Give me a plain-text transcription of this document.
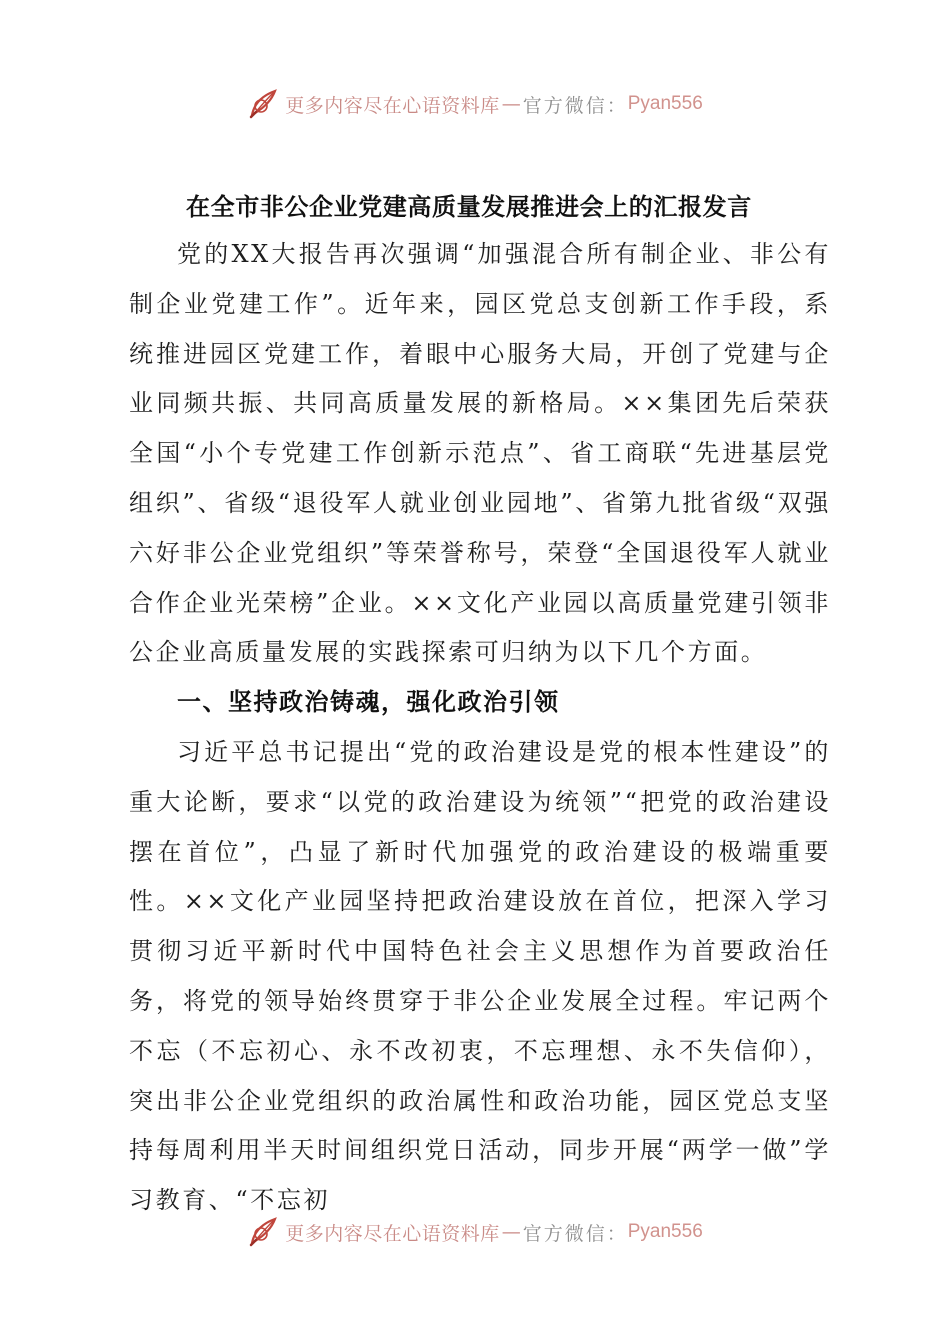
更多内容尽在心语资料库 — 官方微信： Pyan556
在全市非公企业党建高质量发展推进会上的汇报发言

党的XX大报告再次强调“加强混合所有制企业、非公有制企业党建工作”。近年来，园区党总支创新工作手段，系统推进园区党建工作，着眼中心服务大局，开创了党建与企业同频共振、共同高质量发展的新格局。××集团先后荣获全国“小个专党建工作创新示范点”、省工商联“先进基层党组织”、省级“退役军人就业创业园地”、省第九批省级“双强六好非公企业党组织”等荣誉称号，荣登“全国退役军人就业合作企业光荣榜”企业。××文化产业园以高质量党建引领非公企业高质量发展的实践探索可归纳为以下几个方面。

一、坚持政治铸魂，强化政治引领

习近平总书记提出“党的政治建设是党的根本性建设”的重大论断，要求“以党的政治建设为统领”“把党的政治建设摆在首位”，凸显了新时代加强党的政治建设的极端重要性。××文化产业园坚持把政治建设放在首位，把深入学习贯彻习近平新时代中国特色社会主义思想作为首要政治任务，将党的领导始终贯穿于非公企业发展全过程。牢记两个不忘（不忘初心、永不改初衷，不忘理想、永不失信仰），突出非公企业党组织的政治属性和政治功能，园区党总支坚持每周利用半天时间组织党日活动，同步开展“两学一做”学习教育、“不忘初

更多内容尽在心语资料库 — 官方微信： Pyan556
